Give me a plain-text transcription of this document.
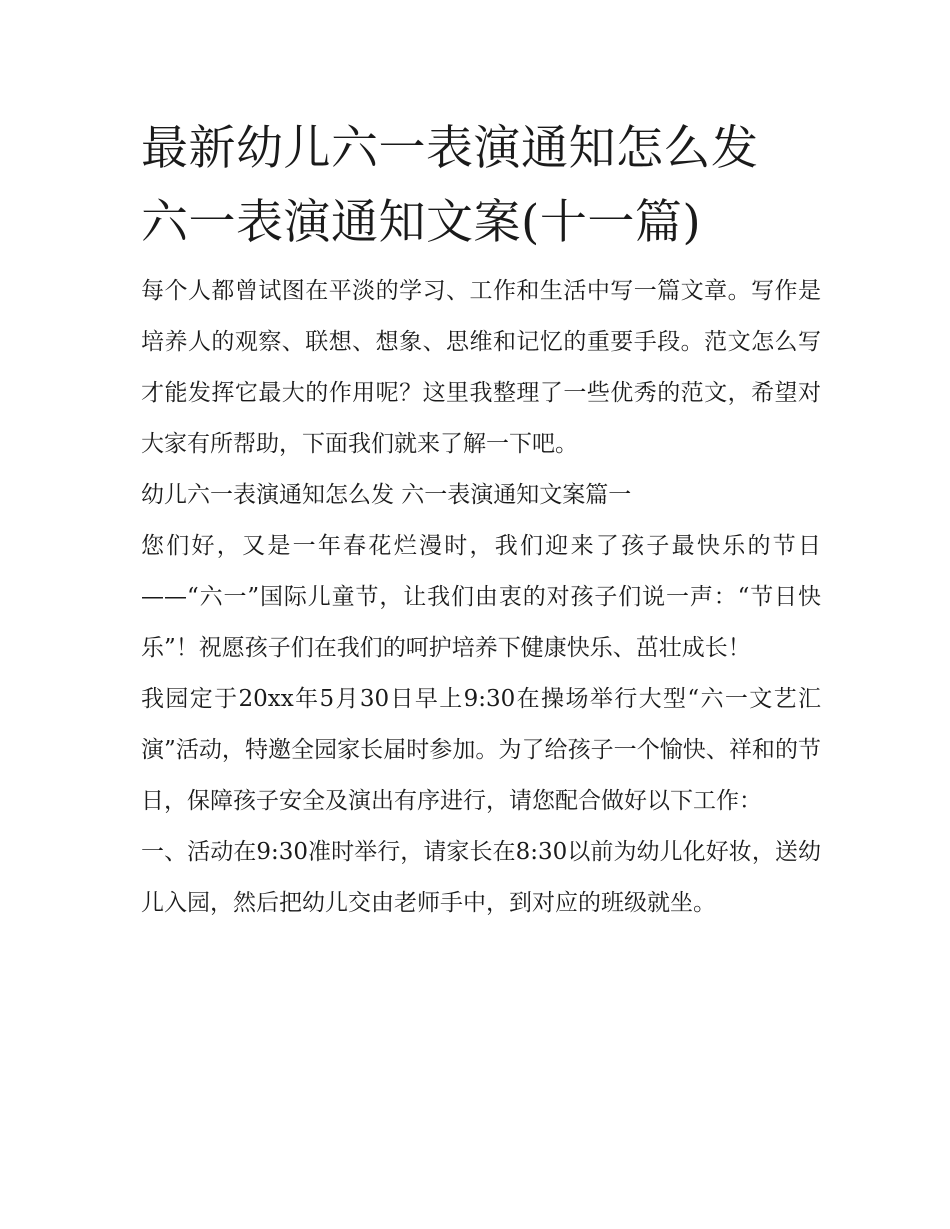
最新幼儿六一表演通知怎么发
六一表演通知文案(十一篇)

每个人都曾试图在平淡的学习、工作和生活中写一篇文章。写作是培养人的观察、联想、想象、思维和记忆的重要手段。范文怎么写才能发挥它最大的作用呢？这里我整理了一些优秀的范文，希望对大家有所帮助，下面我们就来了解一下吧。

幼儿六一表演通知怎么发 六一表演通知文案篇一

您们好，又是一年春花烂漫时，我们迎来了孩子最快乐的节日——“六一”国际儿童节，让我们由衷的对孩子们说一声：“节日快乐”！祝愿孩子们在我们的呵护培养下健康快乐、茁壮成长！

我园定于20xx年5月30日早上9:30在操场举行大型“六一文艺汇演”活动，特邀全园家长届时参加。为了给孩子一个愉快、祥和的节日，保障孩子安全及演出有序进行，请您配合做好以下工作：

一、活动在9:30准时举行，请家长在8:30以前为幼儿化好妆，送幼儿入园，然后把幼儿交由老师手中，到对应的班级就坐。
